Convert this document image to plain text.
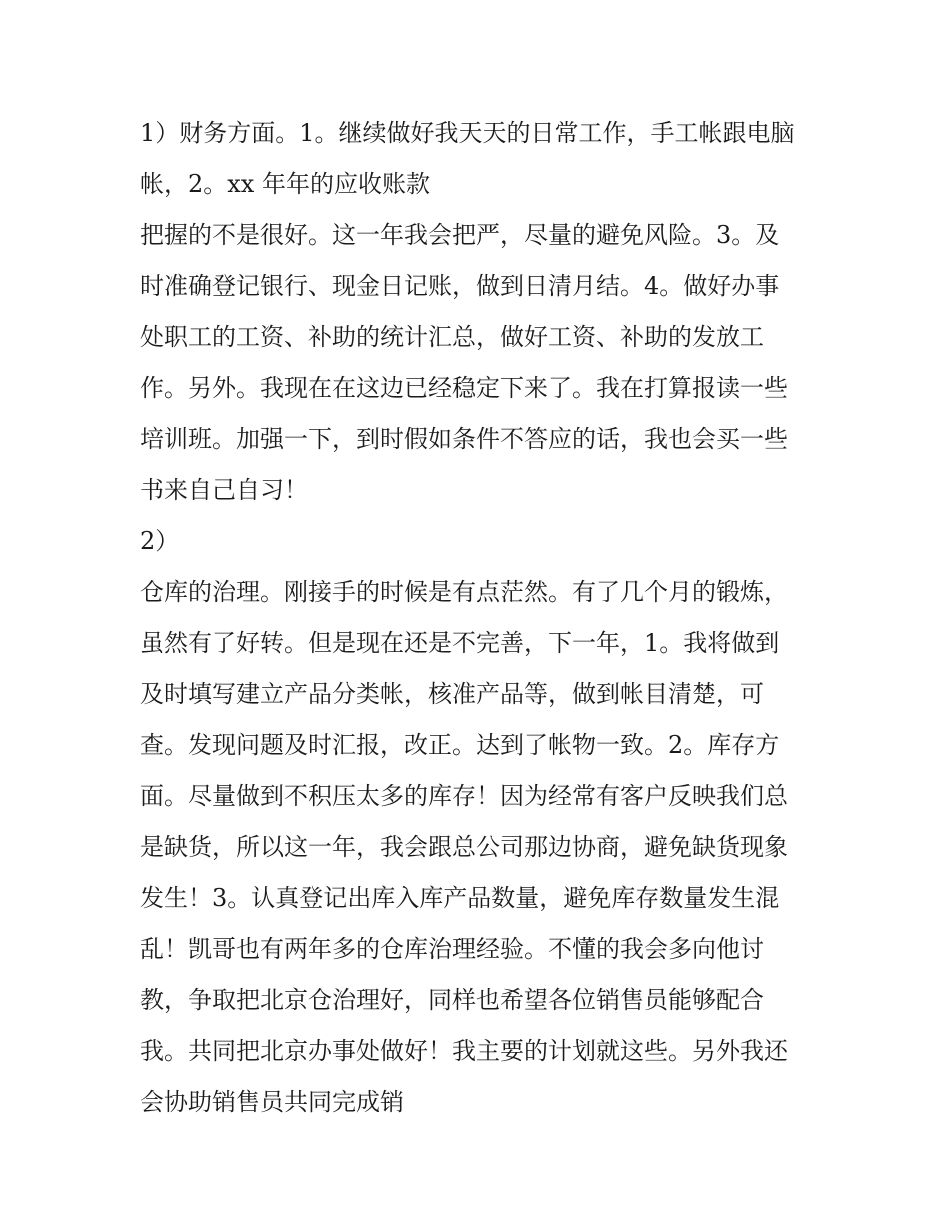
1）财务方面。1。继续做好我天天的日常工作，手工帐跟电脑
帐，2。xx 年年的应收账款
把握的不是很好。这一年我会把严，尽量的避免风险。3。及
时准确登记银行、现金日记账，做到日清月结。4。做好办事
处职工的工资、补助的统计汇总，做好工资、补助的发放工
作。另外。我现在在这边已经稳定下来了。我在打算报读一些
培训班。加强一下，到时假如条件不答应的话，我也会买一些
书来自己自习！
2）
仓库的治理。刚接手的时候是有点茫然。有了几个月的锻炼，
虽然有了好转。但是现在还是不完善，下一年，1。我将做到
及时填写建立产品分类帐，核准产品等，做到帐目清楚，可
查。发现问题及时汇报，改正。达到了帐物一致。2。库存方
面。尽量做到不积压太多的库存！因为经常有客户反映我们总
是缺货，所以这一年，我会跟总公司那边协商，避免缺货现象
发生！3。认真登记出库入库产品数量，避免库存数量发生混
乱！凯哥也有两年多的仓库治理经验。不懂的我会多向他讨
教，争取把北京仓治理好，同样也希望各位销售员能够配合
我。共同把北京办事处做好！我主要的计划就这些。另外我还
会协助销售员共同完成销
